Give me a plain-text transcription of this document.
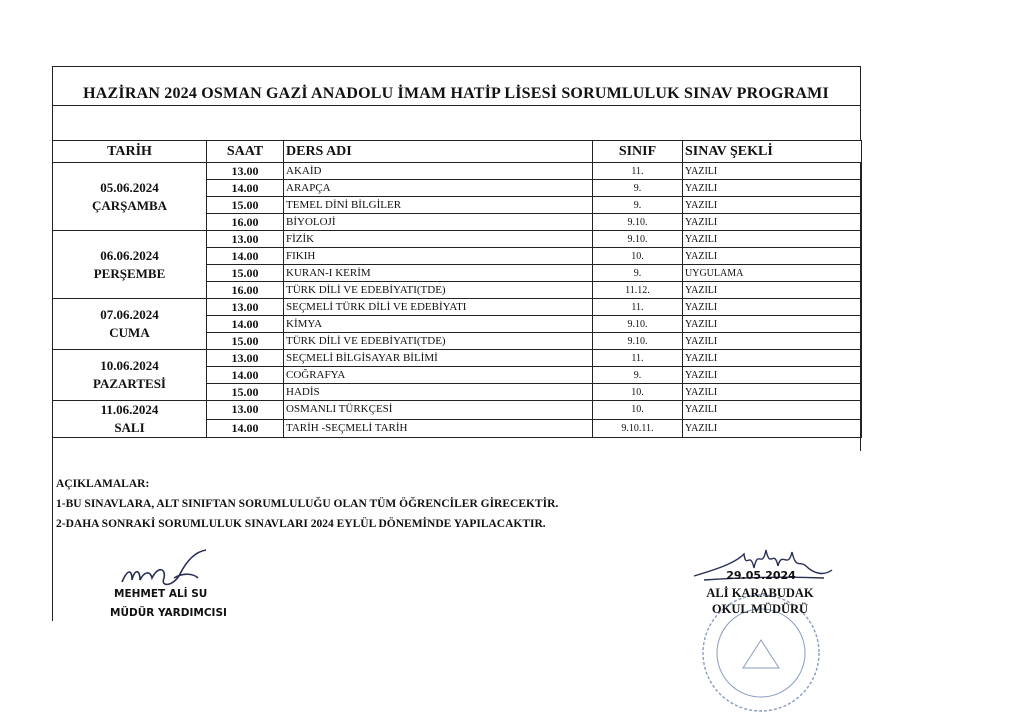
HAZİRAN 2024 OSMAN GAZİ ANADOLU İMAM HATİP LİSESİ SORUMLULUK SINAV PROGRAMI
TARİH	SAAT	DERS ADI	SINIF	SINAV ŞEKLİ

05.06.2024
ÇARŞAMBA	13.00	AKAİD	11.	YAZILI
	14.00	ARAPÇA	9.	YAZILI
	15.00	TEMEL DİNİ BİLGİLER	9.	YAZILI
	16.00	BİYOLOJİ	9.10.	YAZILI

06.06.2024
PERŞEMBE	13.00	FİZİK	9.10.	YAZILI
	14.00	FIKIH	10.	YAZILI
	15.00	KURAN-I KERİM	9.	UYGULAMA
	16.00	TÜRK DİLİ VE EDEBİYATI(TDE)	11.12.	YAZILI

07.06.2024
CUMA	13.00	SEÇMELİ TÜRK DİLİ VE EDEBİYATI	11.	YAZILI
	14.00	KİMYA	9.10.	YAZILI
	15.00	TÜRK DİLİ VE EDEBİYATI(TDE)	9.10.	YAZILI

10.06.2024
PAZARTESİ	13.00	SEÇMELİ BİLGİSAYAR BİLİMİ	11.	YAZILI
	14.00	COĞRAFYA	9.	YAZILI
	15.00	HADİS	10.	YAZILI

11.06.2024
SALI	13.00	OSMANLI TÜRKÇESİ	10.	YAZILI
	14.00	TARİH -SEÇMELİ TARİH	9.10.11.	YAZILI
AÇIKLAMALAR:
1-BU SINAVLARA, ALT SINIFTAN SORUMLULUĞU OLAN TÜM ÖĞRENCİLER GİRECEKTİR.
2-DAHA SONRAKİ SORUMLULUK SINAVLARI 2024 EYLÜL DÖNEMİNDE YAPILACAKTIR.
MEHMET ALİ SU
MÜDÜR YARDIMCISI
29.05.2024
ALİ KARABUDAK
OKUL MÜDÜRÜ
